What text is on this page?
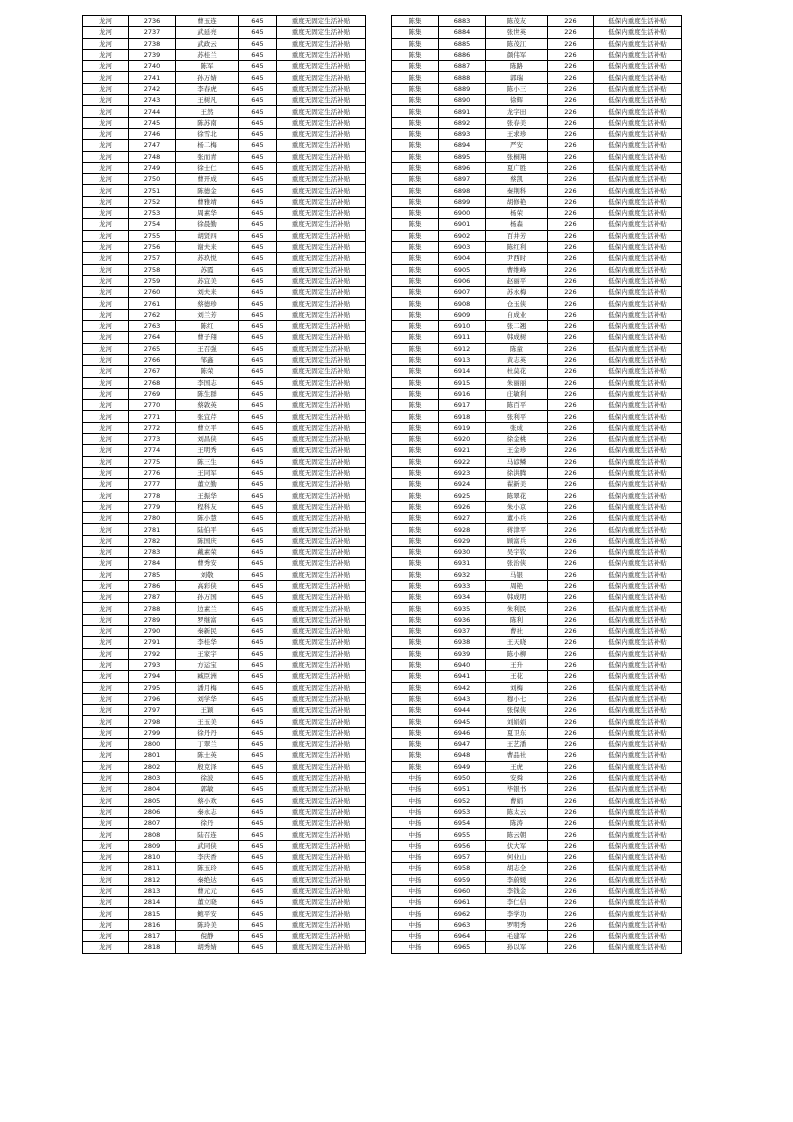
龙河	2736	曹玉连	645	重度无固定生活补贴
龙河	2737	武延亮	645	重度无固定生活补贴
龙河	2738	武政云	645	重度无固定生活补贴
龙河	2739	苏桂兰	645	重度无固定生活补贴
龙河	2740	陈军	645	重度无固定生活补贴
龙河	2741	孙万婧	645	重度无固定生活补贴
龙河	2742	李春虎	645	重度无固定生活补贴
龙河	2743	王树凡	645	重度无固定生活补贴
龙河	2744	王然	645	重度无固定生活补贴
龙河	2745	陈苏南	645	重度无固定生活补贴
龙河	2746	徐雪北	645	重度无固定生活补贴
龙河	2747	杨二梅	645	重度无固定生活补贴
龙河	2748	张而青	645	重度无固定生活补贴
龙河	2749	徐士仁	645	重度无固定生活补贴
龙河	2750	曹开成	645	重度无固定生活补贴
龙河	2751	陈德金	645	重度无固定生活补贴
龙河	2752	曹雅靖	645	重度无固定生活补贴
龙河	2753	周素华	645	重度无固定生活补贴
龙河	2754	徐晨勤	645	重度无固定生活补贴
龙河	2755	胡贤四	645	重度无固定生活补贴
龙河	2756	谢夫来	645	重度无固定生活补贴
龙河	2757	苏玖悦	645	重度无固定生活补贴
龙河	2758	苏霞	645	重度无固定生活补贴
龙河	2759	苏宜美	645	重度无固定生活补贴
龙河	2760	刘夫来	645	重度无固定生活补贴
龙河	2761	蔡德珍	645	重度无固定生活补贴
龙河	2762	刘兰芳	645	重度无固定生活补贴
龙河	2763	陈红	645	重度无固定生活补贴
龙河	2764	曹子翔	645	重度无固定生活补贴
龙河	2765	王召强	645	重度无固定生活补贴
龙河	2766	邹鑫	645	重度无固定生活补贴
龙河	2767	陈荣	645	重度无固定生活补贴
龙河	2768	李国志	645	重度无固定生活补贴
龙河	2769	陈生群	645	重度无固定生活补贴
龙河	2770	蔡敦英	645	重度无固定生活补贴
龙河	2771	张宜芹	645	重度无固定生活补贴
龙河	2772	曹立平	645	重度无固定生活补贴
龙河	2773	刘昌侠	645	重度无固定生活补贴
龙河	2774	王明秀	645	重度无固定生活补贴
龙河	2775	陈三生	645	重度无固定生活补贴
龙河	2776	王同军	645	重度无固定生活补贴
龙河	2777	董立勤	645	重度无固定生活补贴
龙河	2778	王振华	645	重度无固定生活补贴
龙河	2779	程科友	645	重度无固定生活补贴
龙河	2780	陈小慧	645	重度无固定生活补贴
龙河	2781	陆伯平	645	重度无固定生活补贴
龙河	2782	陈国庆	645	重度无固定生活补贴
龙河	2783	戴素荣	645	重度无固定生活补贴
龙河	2784	曹秀安	645	重度无固定生活补贴
龙河	2785	刘敬	645	重度无固定生活补贴
龙河	2786	高彩侠	645	重度无固定生活补贴
龙河	2787	孙万国	645	重度无固定生活补贴
龙河	2788	边素兰	645	重度无固定生活补贴
龙河	2789	罗继富	645	重度无固定生活补贴
龙河	2790	秦新民	645	重度无固定生活补贴
龙河	2791	李桂华	645	重度无固定生活补贴
龙河	2792	王家宇	645	重度无固定生活补贴
龙河	2793	方运宝	645	重度无固定生活补贴
龙河	2794	臧臣洲	645	重度无固定生活补贴
龙河	2795	潘月梅	645	重度无固定生活补贴
龙河	2796	刘学华	645	重度无固定生活补贴
龙河	2797	王颖	645	重度无固定生活补贴
龙河	2798	王玉美	645	重度无固定生活补贴
龙河	2799	徐丹丹	645	重度无固定生活补贴
龙河	2800	丁翠兰	645	重度无固定生活补贴
龙河	2801	陈士英	645	重度无固定生活补贴
龙河	2802	殷克泽	645	重度无固定生活补贴
龙河	2803	徐波	645	重度无固定生活补贴
龙河	2804	郭敏	645	重度无固定生活补贴
龙河	2805	蔡小欢	645	重度无固定生活补贴
龙河	2806	秦永志	645	重度无固定生活补贴
龙河	2807	徐丹	645	重度无固定生活补贴
龙河	2808	陆召连	645	重度无固定生活补贴
龙河	2809	武同侠	645	重度无固定生活补贴
龙河	2810	李庆香	645	重度无固定生活补贴
龙河	2811	陈玉玲	645	重度无固定生活补贴
龙河	2812	秦绝达	645	重度无固定生活补贴
龙河	2813	曹元元	645	重度无固定生活补贴
龙河	2814	董立晓	645	重度无固定生活补贴
龙河	2815	鲍平安	645	重度无固定生活补贴
龙河	2816	陈玲美	645	重度无固定生活补贴
龙河	2817	倪静	645	重度无固定生活补贴
龙河	2818	胡秀婧	645	重度无固定生活补贴
陈集	6883	陈茂友	226	低保内重度生活补贴
陈集	6884	张世英	226	低保内重度生活补贴
陈集	6885	陈茂江	226	低保内重度生活补贴
陈集	6886	颜伟军	226	低保内重度生活补贴
陈集	6887	陈路	226	低保内重度生活补贴
陈集	6888	郭瑞	226	低保内重度生活补贴
陈集	6889	陈小三	226	低保内重度生活补贴
陈集	6890	徐辉	226	低保内重度生活补贴
陈集	6891	龙字田	226	低保内重度生活补贴
陈集	6892	张春美	226	低保内重度生活补贴
陈集	6893	王求珍	226	低保内重度生活补贴
陈集	6894	严安	226	低保内重度生活补贴
陈集	6895	张桐翔	226	低保内重度生活补贴
陈集	6896	夏广胜	226	低保内重度生活补贴
陈集	6897	蔡凯	226	低保内重度生活补贴
陈集	6898	秦荆科	226	低保内重度生活补贴
陈集	6899	胡修艳	226	低保内重度生活补贴
陈集	6900	杨荣	226	低保内重度生活补贴
陈集	6901	杨森	226	低保内重度生活补贴
陈集	6902	百井芳	226	低保内重度生活补贴
陈集	6903	陈红利	226	低保内重度生活补贴
陈集	6904	尹西时	226	低保内重度生活补贴
陈集	6905	曹维峰	226	低保内重度生活补贴
陈集	6906	赵丽平	226	低保内重度生活补贴
陈集	6907	苏永梅	226	低保内重度生活补贴
陈集	6908	仓玉侠	226	低保内重度生活补贴
陈集	6909	自成业	226	低保内重度生活补贴
陈集	6910	张二翘	226	低保内重度生活补贴
陈集	6911	韩成树	226	低保内重度生活补贴
陈集	6912	陈童	226	低保内重度生活补贴
陈集	6913	黄志英	226	低保内重度生活补贴
陈集	6914	杜莫花	226	低保内重度生活补贴
陈集	6915	朱丽丽	226	低保内重度生活补贴
陈集	6916	庄敏利	226	低保内重度生活补贴
陈集	6917	陈百平	226	低保内重度生活补贴
陈集	6918	张利平	226	低保内重度生活补贴
陈集	6919	张成	226	低保内重度生活补贴
陈集	6920	徐金桃	226	低保内重度生活补贴
陈集	6921	王金珍	226	低保内重度生活补贴
陈集	6922	马谚鳞	226	低保内重度生活补贴
陈集	6923	徐洪腾	226	低保内重度生活补贴
陈集	6924	翟新美	226	低保内重度生活补贴
陈集	6925	陈翠花	226	低保内重度生活补贴
陈集	6926	朱小京	226	低保内重度生活补贴
陈集	6927	董小兵	226	低保内重度生活补贴
陈集	6928	蒋津平	226	低保内重度生活补贴
陈集	6929	顾富兵	226	低保内重度生活补贴
陈集	6930	吴宇钦	226	低保内重度生活补贴
陈集	6931	张治侠	226	低保内重度生活补贴
陈集	6932	马银	226	低保内重度生活补贴
陈集	6933	周艳	226	低保内重度生活补贴
陈集	6934	韩成明	226	低保内重度生活补贴
陈集	6935	朱利民	226	低保内重度生活补贴
陈集	6936	陈利	226	低保内重度生活补贴
陈集	6937	曹社	226	低保内重度生活补贴
陈集	6938	王天晓	226	低保内重度生活补贴
陈集	6939	陈小柳	226	低保内重度生活补贴
陈集	6940	王升	226	低保内重度生活补贴
陈集	6941	王花	226	低保内重度生活补贴
陈集	6942	刘梅	226	低保内重度生活补贴
陈集	6943	穆小七	226	低保内重度生活补贴
陈集	6944	张保侠	226	低保内重度生活补贴
陈集	6945	刘娟娟	226	低保内重度生活补贴
陈集	6946	夏卫东	226	低保内重度生活补贴
陈集	6947	王艺潘	226	低保内重度生活补贴
陈集	6948	曹品社	226	低保内重度生活补贴
陈集	6949	王虎	226	低保内重度生活补贴
中扬	6950	安舜	226	低保内重度生活补贴
中扬	6951	毕银书	226	低保内重度生活补贴
中扬	6952	曹娟	226	低保内重度生活补贴
中扬	6953	陈太云	226	低保内重度生活补贴
中扬	6954	陈涛	226	低保内重度生活补贴
中扬	6955	陈云朝	226	低保内重度生活补贴
中扬	6956	伏大军	226	低保内重度生活补贴
中扬	6957	何业山	226	低保内重度生活补贴
中扬	6958	胡志全	226	低保内重度生活补贴
中扬	6959	李蔚媛	226	低保内重度生活补贴
中扬	6960	李钱金	226	低保内重度生活补贴
中扬	6961	李仁信	226	低保内重度生活补贴
中扬	6962	李学功	226	低保内重度生活补贴
中扬	6963	罗明秀	226	低保内重度生活补贴
中扬	6964	毛建军	226	低保内重度生活补贴
中扬	6965	孙以军	226	低保内重度生活补贴
